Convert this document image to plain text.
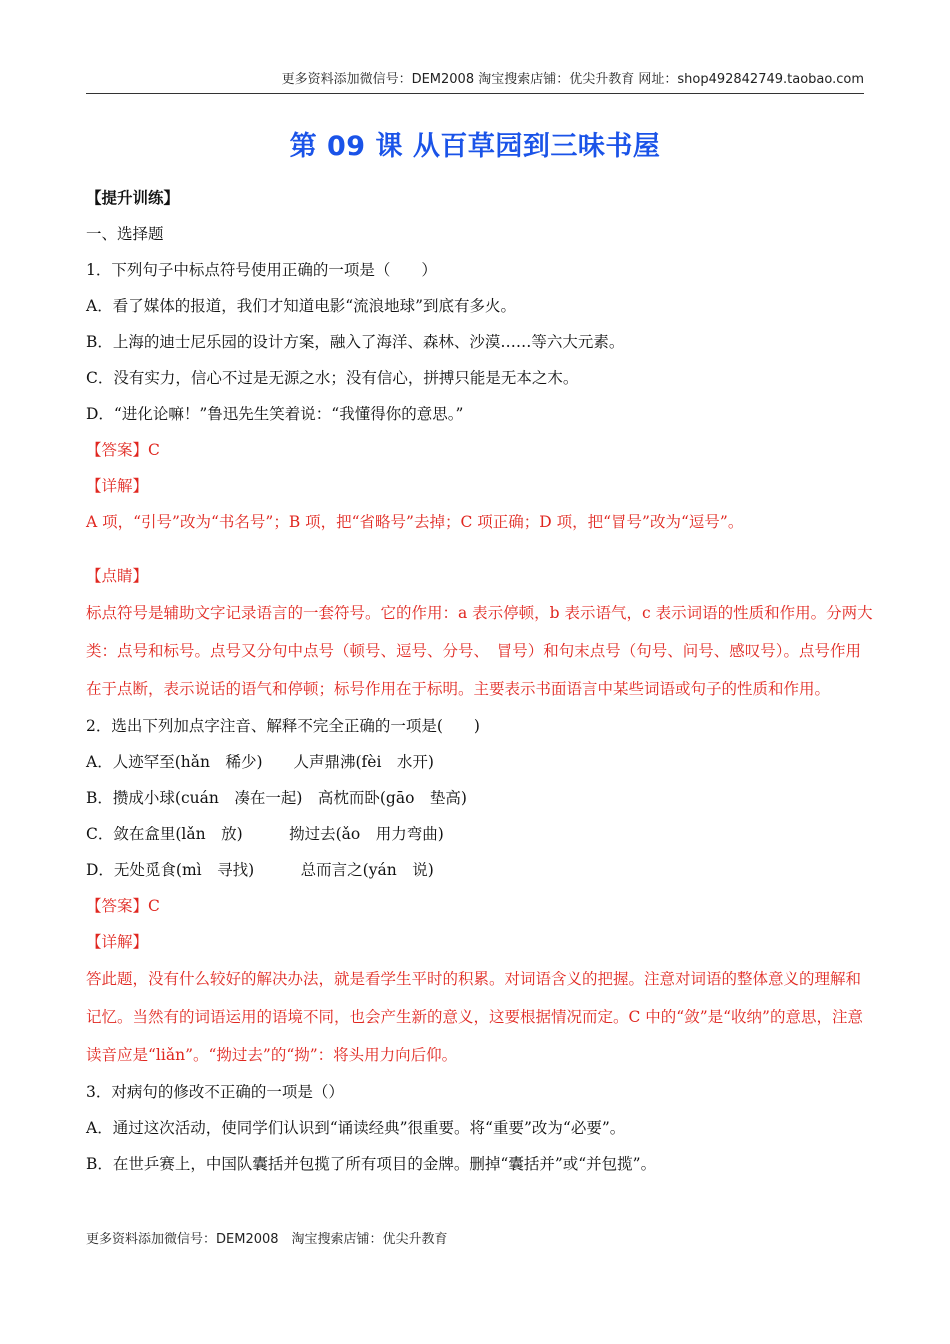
更多资料添加微信号：DEM2008 淘宝搜索店铺：优尖升教育 网址：shop492842749.taobao.com
第 09 课 从百草园到三味书屋
【提升训练】
一、选择题
1．下列句子中标点符号使用正确的一项是（　　）
A．看了媒体的报道，我们才知道电影“流浪地球”到底有多火。
B．上海的迪士尼乐园的设计方案，融入了海洋、森林、沙漠……等六大元素。
C．没有实力，信心不过是无源之水；没有信心，拼搏只能是无本之木。
D．“进化论嘛！”鲁迅先生笑着说：“我懂得你的意思。”
【答案】C
【详解】
A 项，“引号”改为“书名号”；B 项，把“省略号”去掉；C 项正确；D 项，把“冒号”改为“逗号”。
【点睛】
标点符号是辅助文字记录语言的一套符号。它的作用：a 表示停顿，b 表示语气，c 表示词语的性质和作用。分两大类：点号和标号。点号又分句中点号（顿号、逗号、分号、　冒号）和句末点号（句号、问号、感叹号）。点号作用在于点断，表示说话的语气和停顿；标号作用在于标明。主要表示书面语言中某些词语或句子的性质和作用。
2．选出下列加点字注音、解释不完全正确的一项是(　　)
A．人迹罕至(hǎn　稀少)　　人声鼎沸(fèi　水开)
B．攒成小球(cuán　凑在一起)　高枕而卧(gāo　垫高)
C．敛在盒里(lǎn　放)　　　拗过去(ǎo　用力弯曲)
D．无处觅食(mì　寻找)　　　总而言之(yán　说)
【答案】C
【详解】
答此题，没有什么较好的解决办法，就是看学生平时的积累。对词语含义的把握。注意对词语的整体意义的理解和记忆。当然有的词语运用的语境不同，也会产生新的意义，这要根据情况而定。C 中的“敛”是“收纳”的意思，注意读音应是“liǎn”。“拗过去”的“拗”：将头用力向后仰。
3．对病句的修改不正确的一项是（）
A．通过这次活动，使同学们认识到“诵读经典”很重要。将“重要”改为“必要”。
B．在世乒赛上，中国队囊括并包揽了所有项目的金牌。删掉“囊括并”或“并包揽”。
更多资料添加微信号：DEM2008　淘宝搜索店铺：优尖升教育
